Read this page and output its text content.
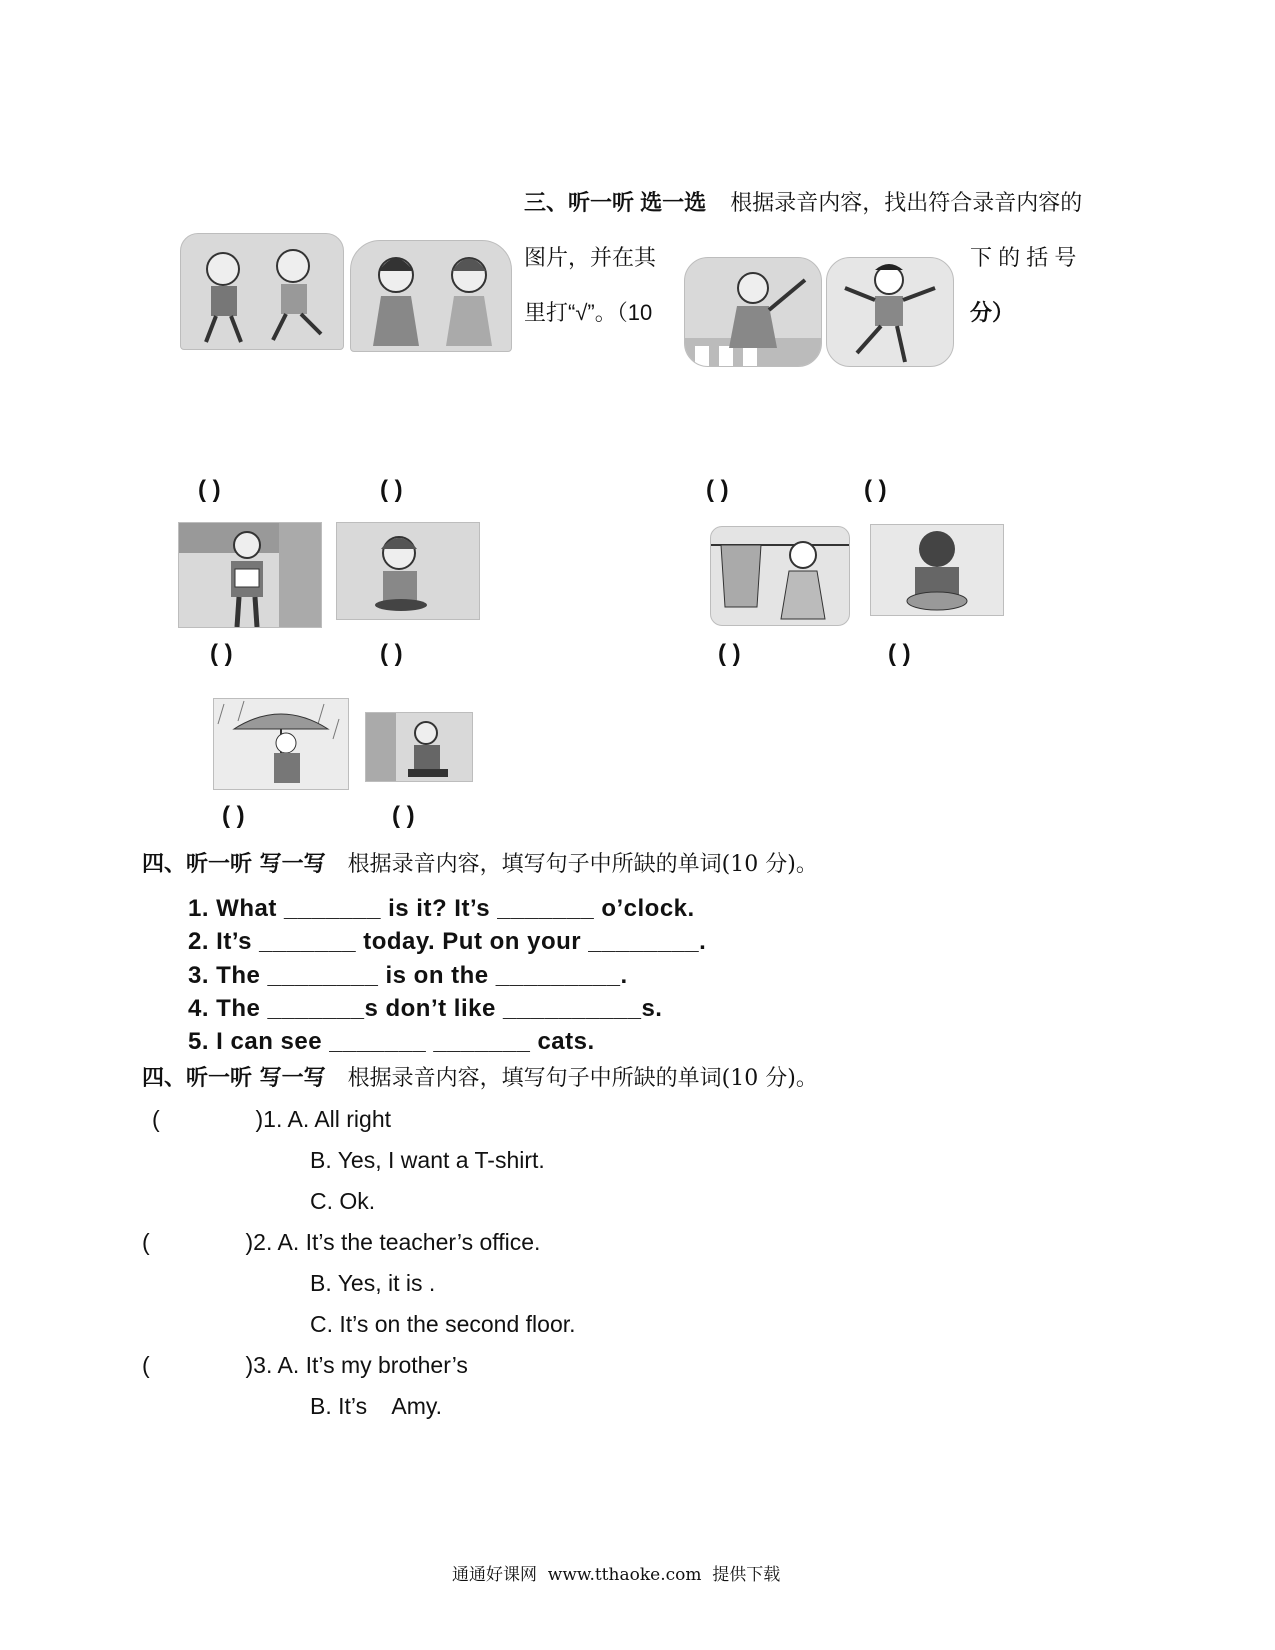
三、听一听 选一选 根据录音内容，找出符合录音内容的
图片，并在其	下 的 括 号
里打“√”。（10	分）
( )	( )	( )	( )
( )	( )	( )	( )
( )	( )
四、听一听 写一写 根据录音内容，填写句子中所缺的单词(10 分)。
1. What _______ is it? It’s _______ o’clock.
2. It’s _______ today. Put on your ________.
3. The ________ is on the _________.
4. The _______s don’t like __________s.
5. I can see _______ _______ cats.
四、听一听 写一写 根据录音内容，填写句子中所缺的单词(10 分)。
(               )1. A. All right
B. Yes, I want a T-shirt.
C. Ok.
(               )2. A. It’s the teacher’s office.
B. Yes, it is .
C. It’s on the second floor.
(               )3. A. It’s my brother’s
B. It’s    Amy.
通通好课网  www.tthaoke.com  提供下载
